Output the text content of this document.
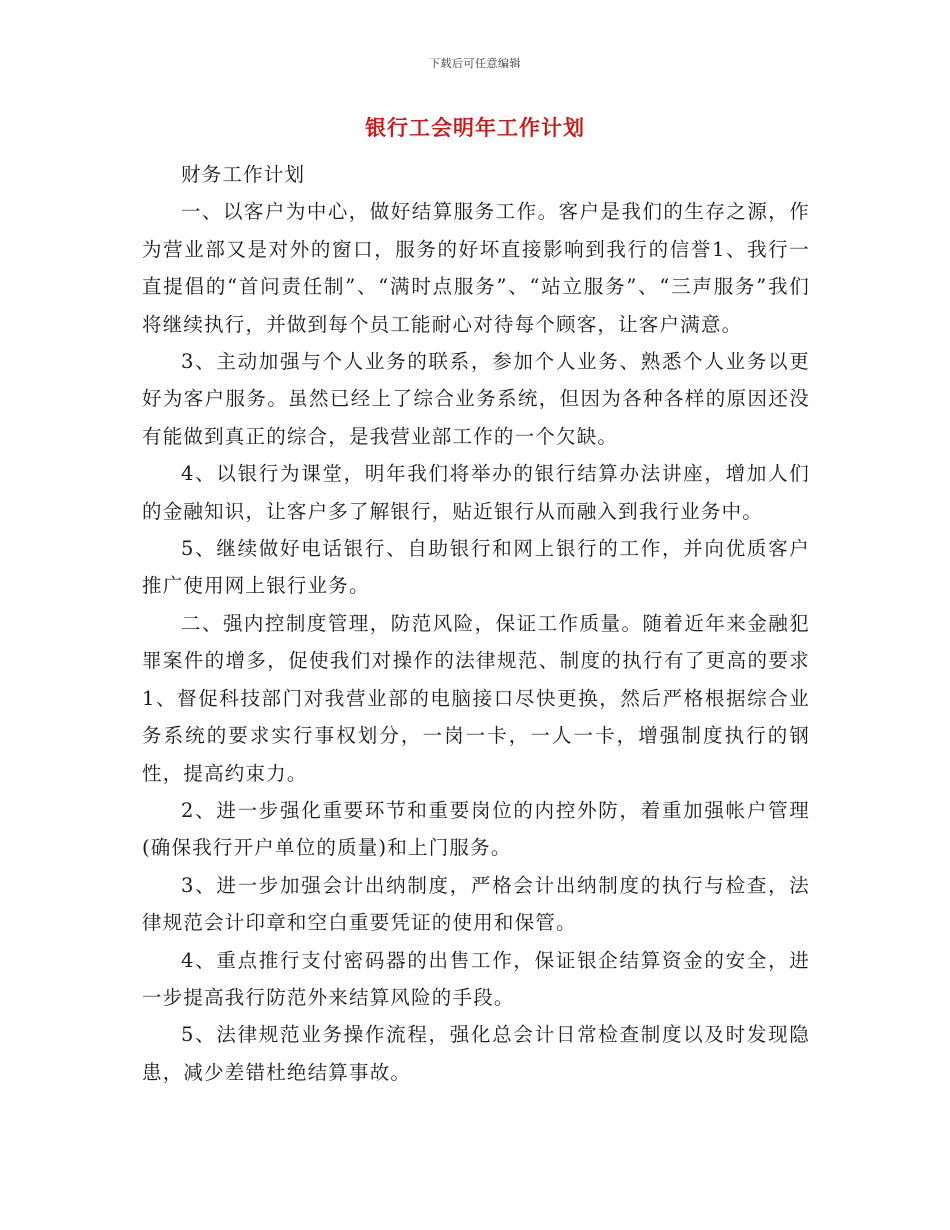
下载后可任意编辑
银行工会明年工作计划

财务工作计划

一、以客户为中心，做好结算服务工作。客户是我们的生存之源，作为营业部又是对外的窗口，服务的好坏直接影响到我行的信誉1、我行一直提倡的“首问责任制”、“满时点服务”、“站立服务”、“三声服务”我们将继续执行，并做到每个员工能耐心对待每个顾客，让客户满意。

3、主动加强与个人业务的联系，参加个人业务、熟悉个人业务以更好为客户服务。虽然已经上了综合业务系统，但因为各种各样的原因还没有能做到真正的综合，是我营业部工作的一个欠缺。

4、以银行为课堂，明年我们将举办的银行结算办法讲座，增加人们的金融知识，让客户多了解银行，贴近银行从而融入到我行业务中。

5、继续做好电话银行、自助银行和网上银行的工作，并向优质客户推广使用网上银行业务。

二、强内控制度管理，防范风险，保证工作质量。随着近年来金融犯罪案件的增多，促使我们对操作的法律规范、制度的执行有了更高的要求1、督促科技部门对我营业部的电脑接口尽快更换，然后严格根据综合业务系统的要求实行事权划分，一岗一卡，一人一卡，增强制度执行的钢性，提高约束力。

2、进一步强化重要环节和重要岗位的内控外防，着重加强帐户管理(确保我行开户单位的质量)和上门服务。

3、进一步加强会计出纳制度，严格会计出纳制度的执行与检查，法律规范会计印章和空白重要凭证的使用和保管。

4、重点推行支付密码器的出售工作，保证银企结算资金的安全，进一步提高我行防范外来结算风险的手段。

5、法律规范业务操作流程，强化总会计日常检查制度以及时发现隐患，减少差错杜绝结算事故。
